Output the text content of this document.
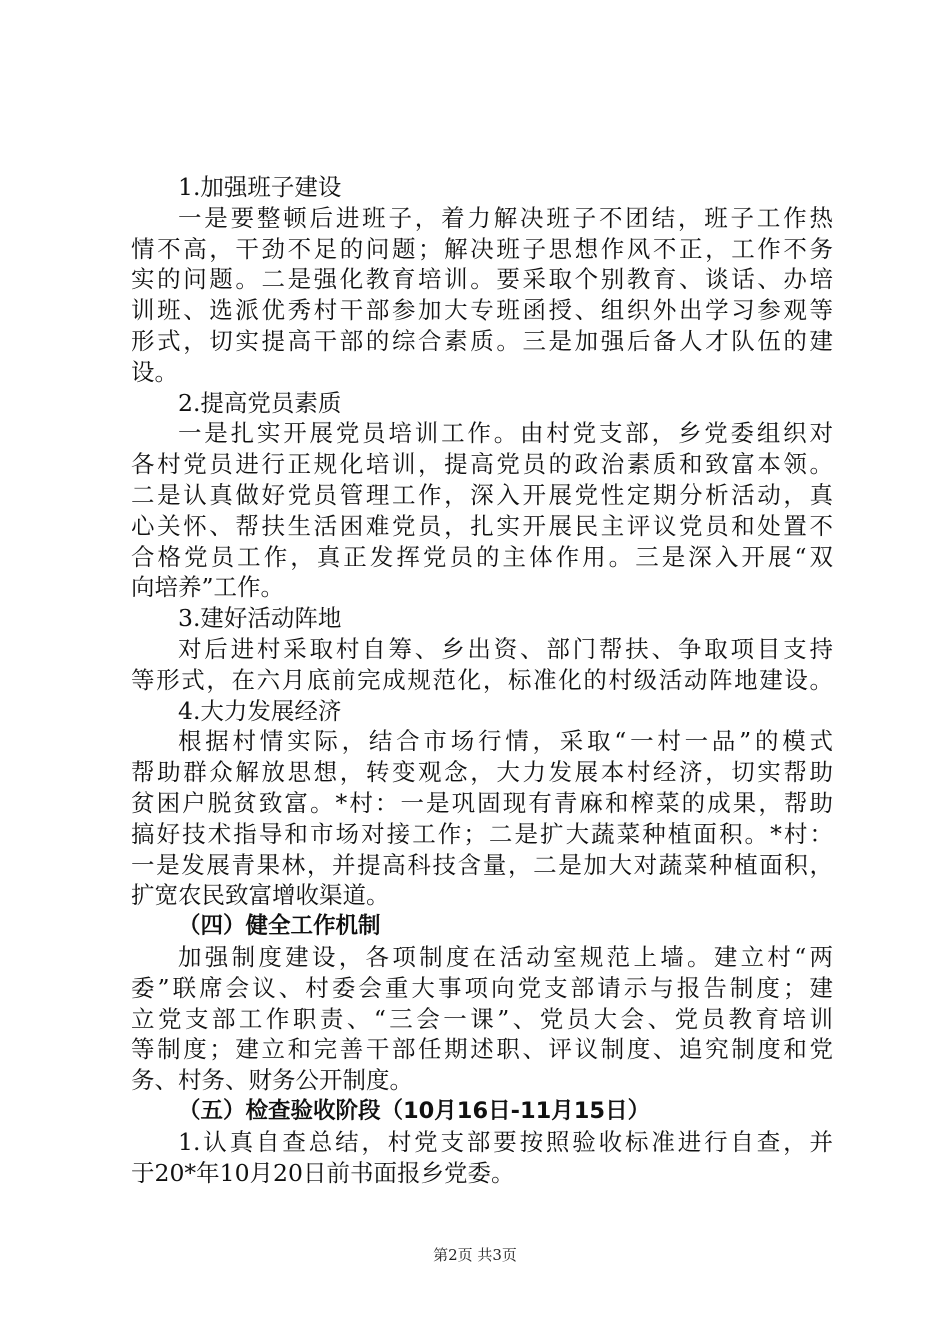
1.加强班子建设
一是要整顿后进班子，着力解决班子不团结，班子工作热
情不高，干劲不足的问题；解决班子思想作风不正，工作不务
实的问题。二是强化教育培训。要采取个别教育、谈话、办培
训班、选派优秀村干部参加大专班函授、组织外出学习参观等
形式，切实提高干部的综合素质。三是加强后备人才队伍的建
设。
2.提高党员素质
一是扎实开展党员培训工作。由村党支部，乡党委组织对
各村党员进行正规化培训，提高党员的政治素质和致富本领。
二是认真做好党员管理工作，深入开展党性定期分析活动，真
心关怀、帮扶生活困难党员，扎实开展民主评议党员和处置不
合格党员工作，真正发挥党员的主体作用。三是深入开展“双
向培养”工作。
3.建好活动阵地
对后进村采取村自筹、乡出资、部门帮扶、争取项目支持
等形式，在六月底前完成规范化，标准化的村级活动阵地建设。
4.大力发展经济
根据村情实际，结合市场行情，采取“一村一品”的模式
帮助群众解放思想，转变观念，大力发展本村经济，切实帮助
贫困户脱贫致富。*村：一是巩固现有青麻和榨菜的成果，帮助
搞好技术指导和市场对接工作；二是扩大蔬菜种植面积。*村：
一是发展青果林，并提高科技含量，二是加大对蔬菜种植面积，
扩宽农民致富增收渠道。
（四）健全工作机制
加强制度建设，各项制度在活动室规范上墙。建立村“两
委”联席会议、村委会重大事项向党支部请示与报告制度；建
立党支部工作职责、“三会一课”、党员大会、党员教育培训
等制度；建立和完善干部任期述职、评议制度、追究制度和党
务、村务、财务公开制度。
（五）检查验收阶段（10月16日-11月15日）
1.认真自查总结，村党支部要按照验收标准进行自查，并
于20*年10月20日前书面报乡党委。
第2页 共3页
